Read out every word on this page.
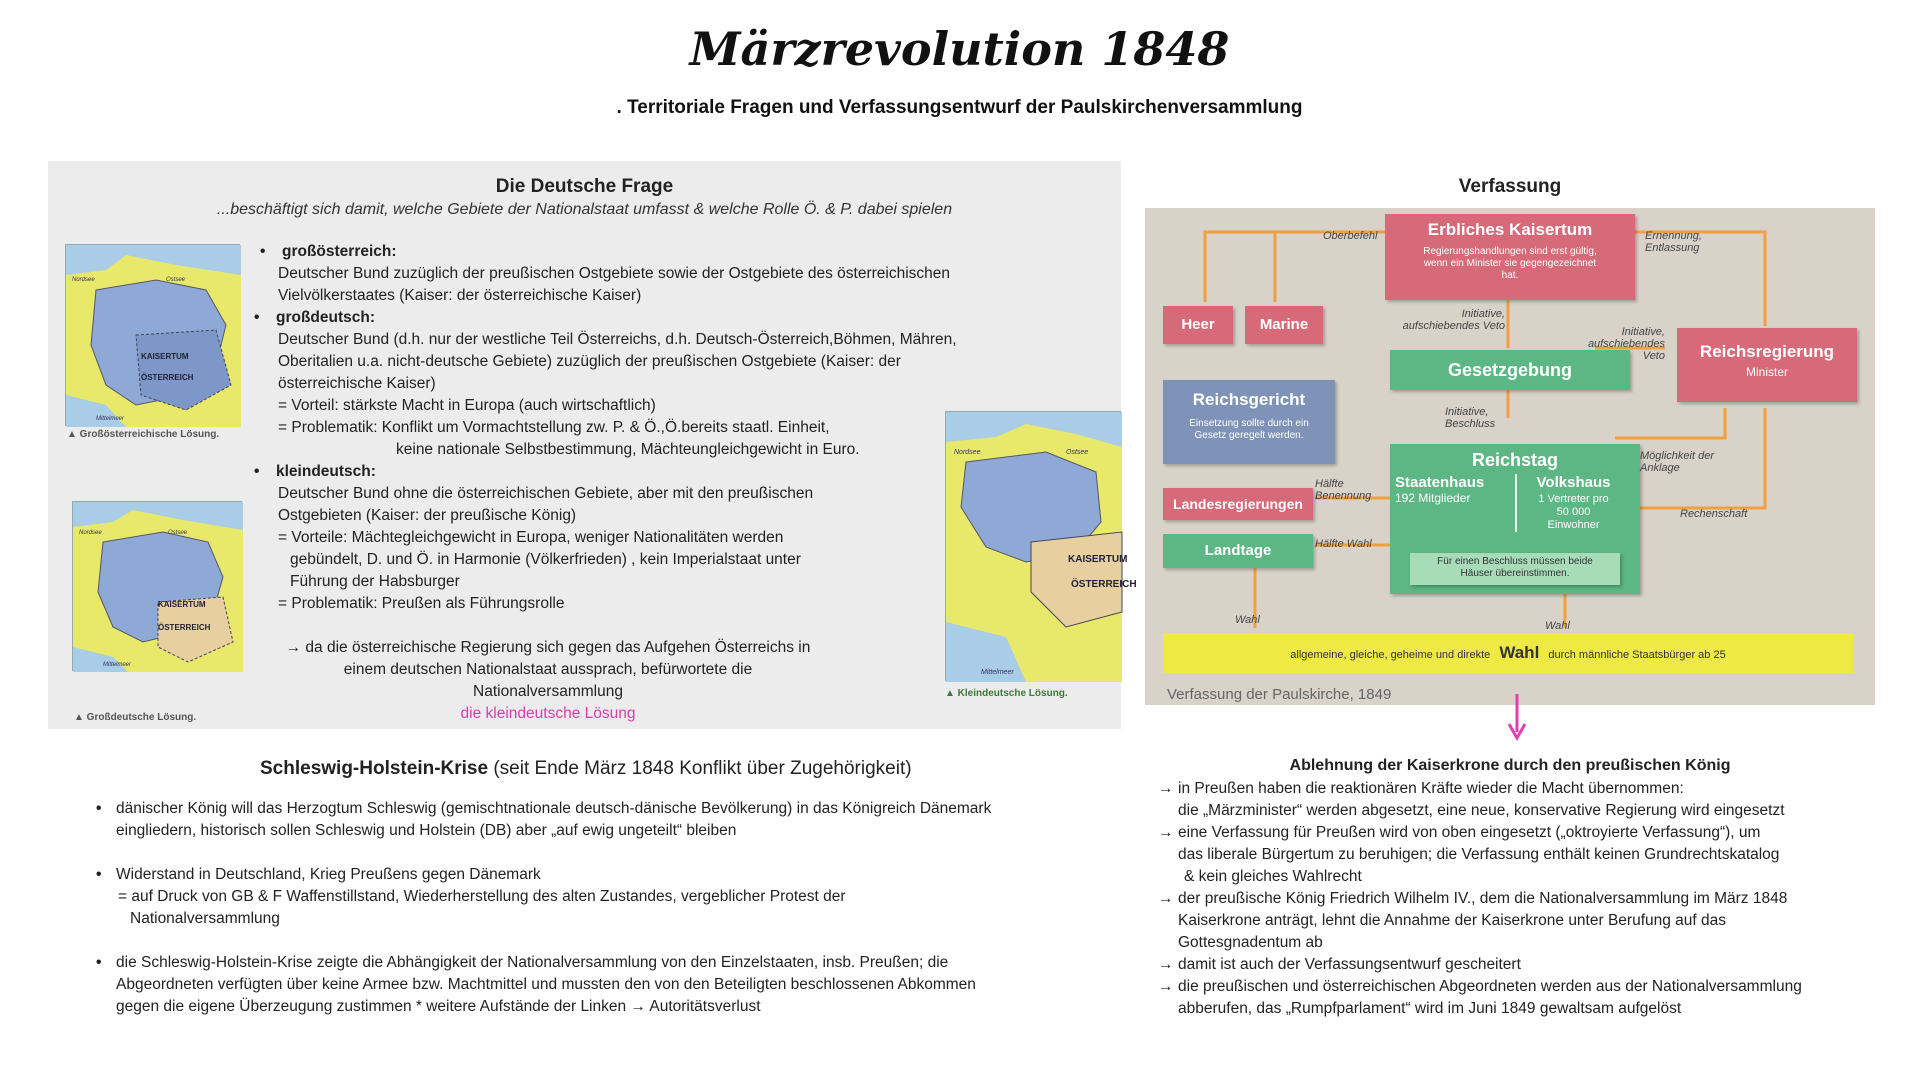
Märzrevolution 1848
. Territoriale Fragen und Verfassungsentwurf der Paulskirchenversammlung
Die Deutsche Frage
...beschäftigt sich damit, welche Gebiete der Nationalstaat umfasst & welche Rolle Ö. & P. dabei spielen
KAISERTUM
ÖSTERREICH
Nordsee	Ostsee
Mittelmeer
▲ Großösterreichische Lösung.
KAISERTUM
ÖSTERREICH
Nordsee	Ostsee
Mittelmeer
▲ Großdeutsche Lösung.
KAISERTUM
ÖSTERREICH
Nordsee	Ostsee
Mittelmeer
▲ Kleindeutsche Lösung.
• großösterreich:
Deutscher Bund zuzüglich der preußischen Ostgebiete sowie der Ostgebiete des österreichischen
Vielvölkerstaates (Kaiser: der österreichische Kaiser)
• großdeutsch:
Deutscher Bund (d.h. nur der westliche Teil Österreichs, d.h. Deutsch-Österreich,Böhmen, Mähren,
Oberitalien u.a. nicht-deutsche Gebiete) zuzüglich der preußischen Ostgebiete (Kaiser: der
österreichische Kaiser)
= Vorteil: stärkste Macht in Europa (auch wirtschaftlich)
= Problematik: Konflikt um Vormachtstellung zw. P. & Ö.,Ö.bereits staatl. Einheit,
keine nationale Selbstbestimmung, Mächteungleichgewicht in Euro.
• kleindeutsch:
Deutscher Bund ohne die österreichischen Gebiete, aber mit den preußischen
Ostgebieten (Kaiser: der preußische König)
= Vorteile: Mächtegleichgewicht in Europa, weniger Nationalitäten werden
gebündelt, D. und Ö. in Harmonie (Völkerfrieden) , kein Imperialstaat unter
Führung der Habsburger
= Problematik: Preußen als Führungsrolle
→ da die österreichische Regierung sich gegen das Aufgehen Österreichs in
einem deutschen Nationalstaat aussprach, befürwortete die Nationalversammlung
die kleindeutsche Lösung
Verfassung
Erbliches Kaisertum
Regierungshandlungen sind erst gültig, wenn ein Minister sie gegengezeichnet hat.
Heer	Marine
Oberbefehl	Ernennung, Entlassung
Initiative, aufschiebendes Veto	Initiative, aufschiebendes Veto
Gesetzgebung
Reichsregierung
Minister
Reichsgericht
Einsetzung sollte durch ein Gesetz geregelt werden.
Initiative, Beschluss
Reichstag
Staatenhaus
192 Mitglieder
Volkshaus
1 Vertreter pro 50 000 Einwohner
Für einen Beschluss müssen beide Häuser übereinstimmen.
Möglichkeit der Anklage
Hälfte Benennung
Landesregierungen
Rechenschaft
Landtage	Hälfte Wahl
Wahl	Wahl
allgemeine, gleiche, geheime und direkte Wahl durch männliche Staatsbürger ab 25
Verfassung der Paulskirche, 1849
Schleswig-Holstein-Krise (seit Ende März 1848 Konflikt über Zugehörigkeit)
• dänischer König will das Herzogtum Schleswig (gemischtnationale deutsch-dänische Bevölkerung) in das Königreich Dänemark
eingliedern, historisch sollen Schleswig und Holstein (DB) aber „auf ewig ungeteilt“ bleiben
• Widerstand in Deutschland, Krieg Preußens gegen Dänemark
= auf Druck von GB & F Waffenstillstand, Wiederherstellung des alten Zustandes, vergeblicher Protest der
Nationalversammlung
• die Schleswig-Holstein-Krise zeigte die Abhängigkeit der Nationalversammlung von den Einzelstaaten, insb. Preußen; die
Abgeordneten verfügten über keine Armee bzw. Machtmittel und mussten den von den Beteiligten beschlossenen Abkommen
gegen die eigene Überzeugung zustimmen * weitere Aufstände der Linken → Autoritätsverlust
Ablehnung der Kaiserkrone durch den preußischen König
→ in Preußen haben die reaktionären Kräfte wieder die Macht übernommen:
die „Märzminister“ werden abgesetzt, eine neue, konservative Regierung wird eingesetzt
→ eine Verfassung für Preußen wird von oben eingesetzt („oktroyierte Verfassung“), um
das liberale Bürgertum zu beruhigen; die Verfassung enthält keinen Grundrechtskatalog
& kein gleiches Wahlrecht
→ der preußische König Friedrich Wilhelm IV., dem die Nationalversammlung im März 1848
Kaiserkrone anträgt, lehnt die Annahme der Kaiserkrone unter Berufung auf das
Gottesgnadentum ab
→ damit ist auch der Verfassungsentwurf gescheitert
→ die preußischen und österreichischen Abgeordneten werden aus der Nationalversammlung
abberufen, das „Rumpfparlament“ wird im Juni 1849 gewaltsam aufgelöst
